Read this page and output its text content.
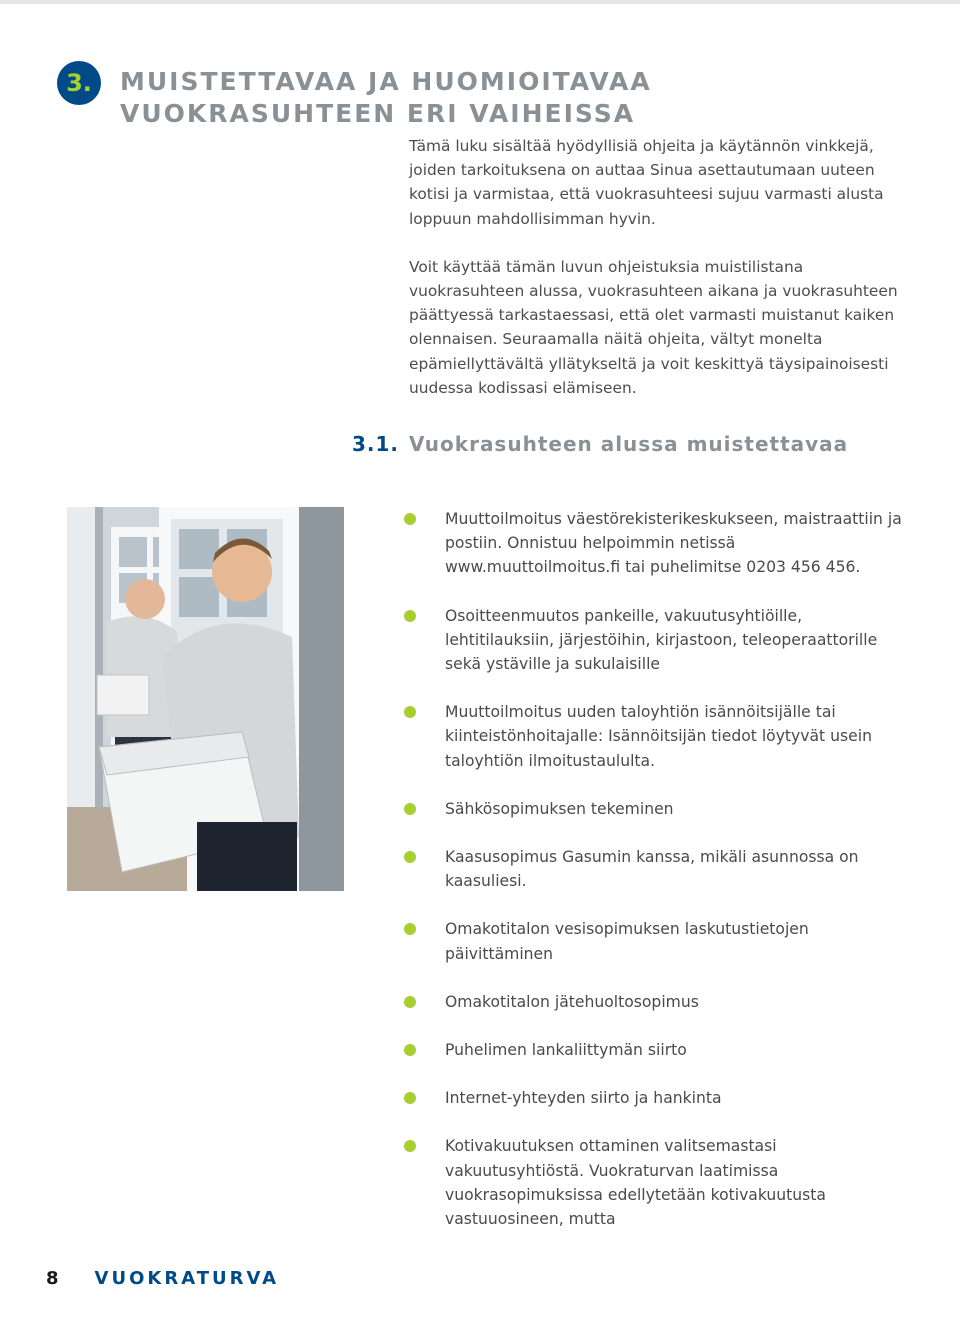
3. MUISTETTAVAA JA HUOMIOITAVAA VUOKRASUHTEEN ERI VAIHEISSA

Tämä luku sisältää hyödyllisiä ohjeita ja käytännön vinkkejä, joiden tarkoituksena on auttaa Sinua asettautumaan uuteen kotisi ja varmistaa, että vuokrasuhteesi sujuu varmasti alusta loppuun mahdollisimman hyvin.

Voit käyttää tämän luvun ohjeistuksia muistilistana vuokrasuhteen alussa, vuokrasuhteen aikana ja vuokrasuhteen päättyessä tarkastaessasi, että olet varmasti muistanut kaiken olennaisen. Seuraamalla näitä ohjeita, vältyt monelta epämiellyttävältä yllätykseltä ja voit keskittyä täysipainoisesti uudessa kodissasi elämiseen.

3.1. Vuokrasuhteen alussa muistettavaa
Muuttoilmoitus väestörekisterikeskukseen, maistraattiin ja postiin. Onnistuu helpoimmin netissä www.muuttoilmoitus.fi tai puhelimitse 0203 456 456.
Osoitteenmuutos pankeille, vakuutusyhtiöille, lehtitilauksiin, järjestöihin, kirjastoon, teleoperaattorille sekä ystäville ja sukulaisille
Muuttoilmoitus uuden taloyhtiön isännöitsijälle tai kiinteistönhoitajalle: Isännöitsijän tiedot löytyvät usein taloyhtiön ilmoitustaululta.
Sähkösopimuksen tekeminen
Kaasusopimus Gasumin kanssa, mikäli asunnossa on kaasuliesi.
Omakotitalon vesisopimuksen laskutustietojen päivittäminen
Omakotitalon jätehuoltosopimus
Puhelimen lankaliittymän siirto
Internet-yhteyden siirto ja hankinta
Kotivakuutuksen ottaminen valitsemastasi vakuutusyhtiöstä. Vuokraturvan laatimissa vuokrasopimuksissa edellytetään kotivakuutusta vastuuosineen, mutta
8 VUOKRATURVA
